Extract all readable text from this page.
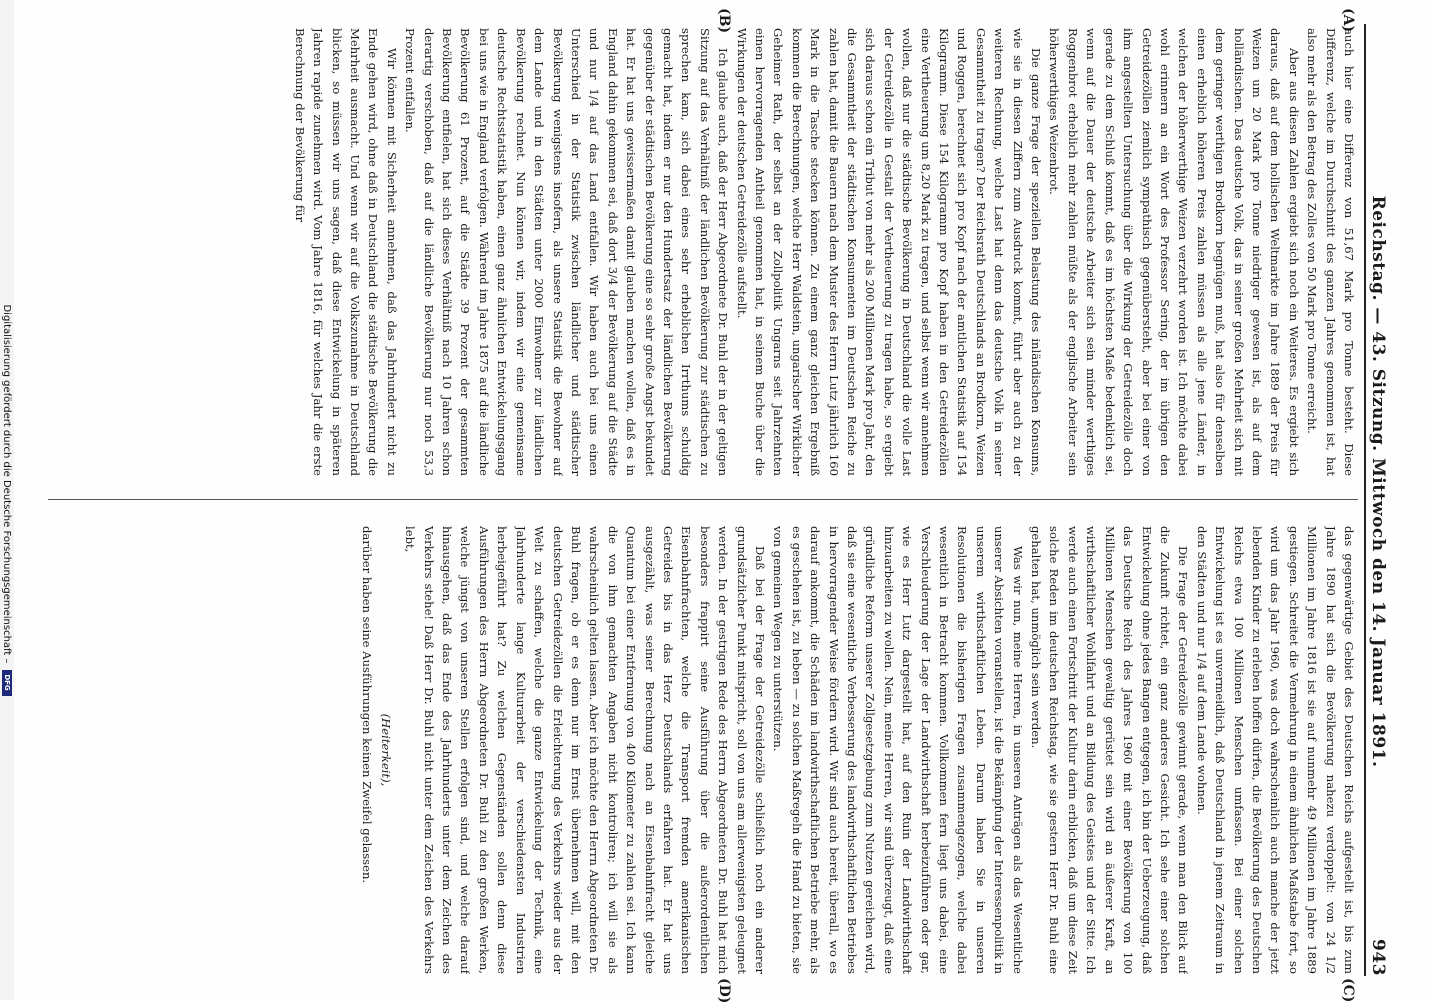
Reichstag. — 43. Sitzung. Mittwoch den 14. Januar 1891.
943
(A)
(B)
(C)
(D)

auch hier eine Differenz von 51,67 Mark pro Tonne besteht. Diese Differenz, welche im Durchschnitt des ganzen Jahres genommen ist, hat also mehr als den Betrag des Zolles von 50 Mark pro Tonne erreicht.

Aber aus diesen Zahlen ergiebt sich noch ein Weiteres. Es ergiebt sich daraus, daß auf dem hollischen Weltmarkte im Jahre 1889 der Preis für Weizen um 20 Mark pro Tonne niedriger gewesen ist, als auf dem holländischen. Das deutsche Volk, das in seiner großen Mehrheit sich mit dem geringer werthigen Brodkorn begnügen muß, hat also für denselben einen erheblich höheren Preis zahlen müssen als alle jene Länder, in welchen der höherwerthige Weizen verzehrt worden ist. Ich möchte dabei wohl erinnern an ein Wort des Professor Sering, der im übrigen den Getreidezöllen ziemlich sympathisch gegenübersteht, aber bei einer von ihm angestellten Untersuchung über die Wirkung der Getreidezölle doch gerade zu dem Schluß kommt, daß es im höchsten Maße bedenklich sei, wenn auf die Dauer der deutsche Arbeiter sich sein minder werthiges Roggenbrot erheblich mehr zahlen müßte als der englische Arbeiter sein höherwerthiges Weizenbrot.

Die ganze Frage der speziellen Belastung des inländischen Konsums, wie sie in diesen Ziffern zum Ausdruck kommt, führt aber auch zu der weiteren Rechnung, welche Last hat denn das deutsche Volk in seiner Gesammtheit zu tragen? Der Reichsrath Deutschlands an Brodkorn, Weizen und Roggen, berechnet sich pro Kopf nach der amtlichen Statistik auf 154 Kilogramm. Diese 154 Kilogramm pro Kopf haben in den Getreidezöllen eine Vertheuerung um 8,20 Mark zu tragen, und selbst wenn wir annehmen wollen, daß nur die städtische Bevölkerung in Deutschland die volle Last der Getreidezölle in Gestalt der Vertheuerung zu tragen habe, so ergiebt sich daraus schon ein Tribut von mehr als 200 Millionen Mark pro Jahr, den die Gesammtheit der städtischen Konsumenten im Deutschen Reiche zu zahlen hat, damit die Bauern nach dem Muster des Herrn Lutz jährlich 160 Mark in die Tasche stecken können. Zu einem ganz gleichen Ergebniß kommen die Berechnungen, welche Herr Waldstein, ungarischer Wirklicher Geheimer Rath, der selbst an der Zollpolitik Ungarns seit Jahrzehnten einen hervorragenden Antheil genommen hat, in seinem Buche über die Wirkungen der deutschen Getreidezölle aufstellt.

Ich glaube auch, daß der Herr Abgeordnete Dr. Buhl der in der geltigen Sitzung auf das Verhältniß der ländlichen Bevölkerung zur städtischen zu sprechen kam, sich dabei eines sehr erheblichen Irrthums schuldig gemacht hat, indem er nur den Hundertsatz der ländlichen Bevölkerung gegenüber der städtischen Bevölkerung eine so sehr große Angst bekundet hat. Er hat uns gewissermaßen damit glauben machen wollen, daß es in England dahin gekommen sei, daß dort 3/4 der Bevölkerung auf die Städte und nur 1/4 auf das Land entfallen. Wir haben auch bei uns einen Unterschied in der Statistik zwischen ländlicher und städtischer Bevölkerung wenigstens insofern, als unsere Statistik die Bewohner auf dem Lande und in den Städten unter 2000 Einwohner zur ländlichen Bevölkerung rechnet. Nun können wir, indem wir eine gemeinsame deutsche Rechtsstatistik haben, einen ganz ähnlichen Entwickelungsgang bei uns wie in England verfolgen. Während im Jahre 1875 auf die ländliche Bevölkerung 61 Prozent, auf die Städte 39 Prozent der gesammten Bevölkerung entfielen, hat sich dieses Verhältniß nach 10 Jahren schon derartig verschoben, daß auf die ländliche Bevölkerung nur noch 53,3 Prozent entfallen.

Wir können mit Sicherheit annehmen, daß das Jahrhundert nicht zu Ende gehen wird, ohne daß in Deutschland die städtische Bevölkerung die Mehrheit ausmacht. Und wenn wir auf die Volkszunahme in Deutschland blicken, so müssen wir uns sagen, daß diese Entwickelung in späteren Jahren rapide zunehmen wird. Vom Jahre 1816, für welches Jahr die erste Berechnung der Bevölkerung für

das gegenwärtige Gebiet des Deutschen Reichs aufgestellt ist, bis zum Jahre 1890 hat sich die Bevölkerung nahezu verdoppelt: von 24 1/2 Millionen im Jahre 1816 ist sie auf nunmehr 49 Millionen im Jahre 1889 gestiegen. Schreitet die Vermehrung in einem ähnlichen Maßstabe fort, so wird um das Jahr 1960, was doch wahrscheinlich auch manche der jetzt lebenden Kinder zu erleben hoffen dürfen, die Bevölkerung des Deutschen Reichs etwa 100 Millionen Menschen umfassen. Bei einer solchen Entwickelung ist es unvermeidlich, daß Deutschland in jenem Zeitraum in den Städten und nur 1/4 auf dem Lande wohnen.

Die Frage der Getreidezölle gewinnt gerade, wenn man den Blick auf die Zukunft richtet, ein ganz anderes Gesicht. Ich sehe einer solchen Entwickelung ohne jedes Bangen entgegen, ich bin der Ueberzeugung, daß das Deutsche Reich des Jahres 1960 mit einer Bevölkerung von 100 Millionen Menschen gewaltig gerüstet sein wird an äußerer Kraft, an wirthschaftlicher Wohlfahrt und an Bildung des Geistes und der Sitte. Ich werde auch einen Fortschritt der Kultur darin erblicken, daß um diese Zeit solche Reden im deutschen Reichstag, wie sie gestern Herr Dr. Buhl eine gehalten hat, unmöglich sein werden.

Was wir nun, meine Herren, in unseren Anträgen als das Wesentliche unserer Absichten voranstellen, ist die Bekämpfung der Interessenpolitik in unserem wirthschaftlichen Leben. Darum haben Sie in unseren Resolutionen die bisherigen Fragen zusammengezogen, welche dabei wesentlich in Betracht kommen. Vollkommen fern liegt uns dabei, eine Verschleuderung der Lage der Landwirthschaft herbeizuführen oder gar, wie es Herr Lutz dargestellt hat, auf den Ruin der Landwirthschaft hinzuarbeiten zu wollen. Nein, meine Herren, wir sind überzeugt, daß eine gründliche Reform unserer Zollgesetzgebung zum Nutzen gereichen wird, daß sie eine wesentliche Verbesserung des landwirthschaftlichen Betriebes in hervorragender Weise fördern wird. Wir sind auch bereit, überall, wo es darauf ankommt, die Schäden im landwirthschaftlichen Betriebe mehr, als es geschehen ist, zu heben — zu solchen Maßregeln die Hand zu bieten, sie von gemeinen Wegen zu unterstützen.

Daß bei der Frage der Getreidezölle schließlich noch ein anderer grundsätzlicher Punkt mitspricht, soll von uns am allerwenigsten geleugnet werden. In der gestrigen Rede des Herrn Abgeordneten Dr. Buhl hat mich besonders frappirt seine Ausführung über die außerordentlichen Eisenbahnfrachten, welche die Transport fremden amerikanischen Getreides bis in das Herz Deutschlands erfahren hat. Er hat uns ausgezählt, was seiner Berechnung nach an Eisenbahnfracht gleiche Quantum bei einer Entfernung von 400 Kilometer zu zahlen sei. Ich kann die von ihm gemachten Angaben nicht kontroliren; ich will sie als wahrscheinlich gelten lassen. Aber ich möchte den Herrn Abgeordneten Dr. Buhl fragen, ob er es denn nur im Ernst übernehmen will, mit den deutschen Getreidezöllen die Erleichterung des Verkehrs wieder aus der Welt zu schaffen, welche die ganze Entwickelung der Technik, eine Jahrhunderte lange Kulturarbeit der verschiedensten Industrien herbeigeführt hat? Zu welchen Gegenständen sollen denn diese Ausführungen des Herrn Abgeordneten Dr. Buhl zu den großen Werken, welche jüngst von unseren Stellen erfolgen sind, und welche darauf hinausgehen, daß das Ende des Jahrhunderts unter dem Zeichen des Verkehrs stehe! Daß Herr Dr. Buhl nicht unter dem Zeichen des Verkehrs lebt,

(Heiterkeit),

darüber haben seine Ausführungen keinen Zweifel gelassen.

Digitalisierung gefördert durch die Deutsche Forschungsgemeinschaft –
DFG
